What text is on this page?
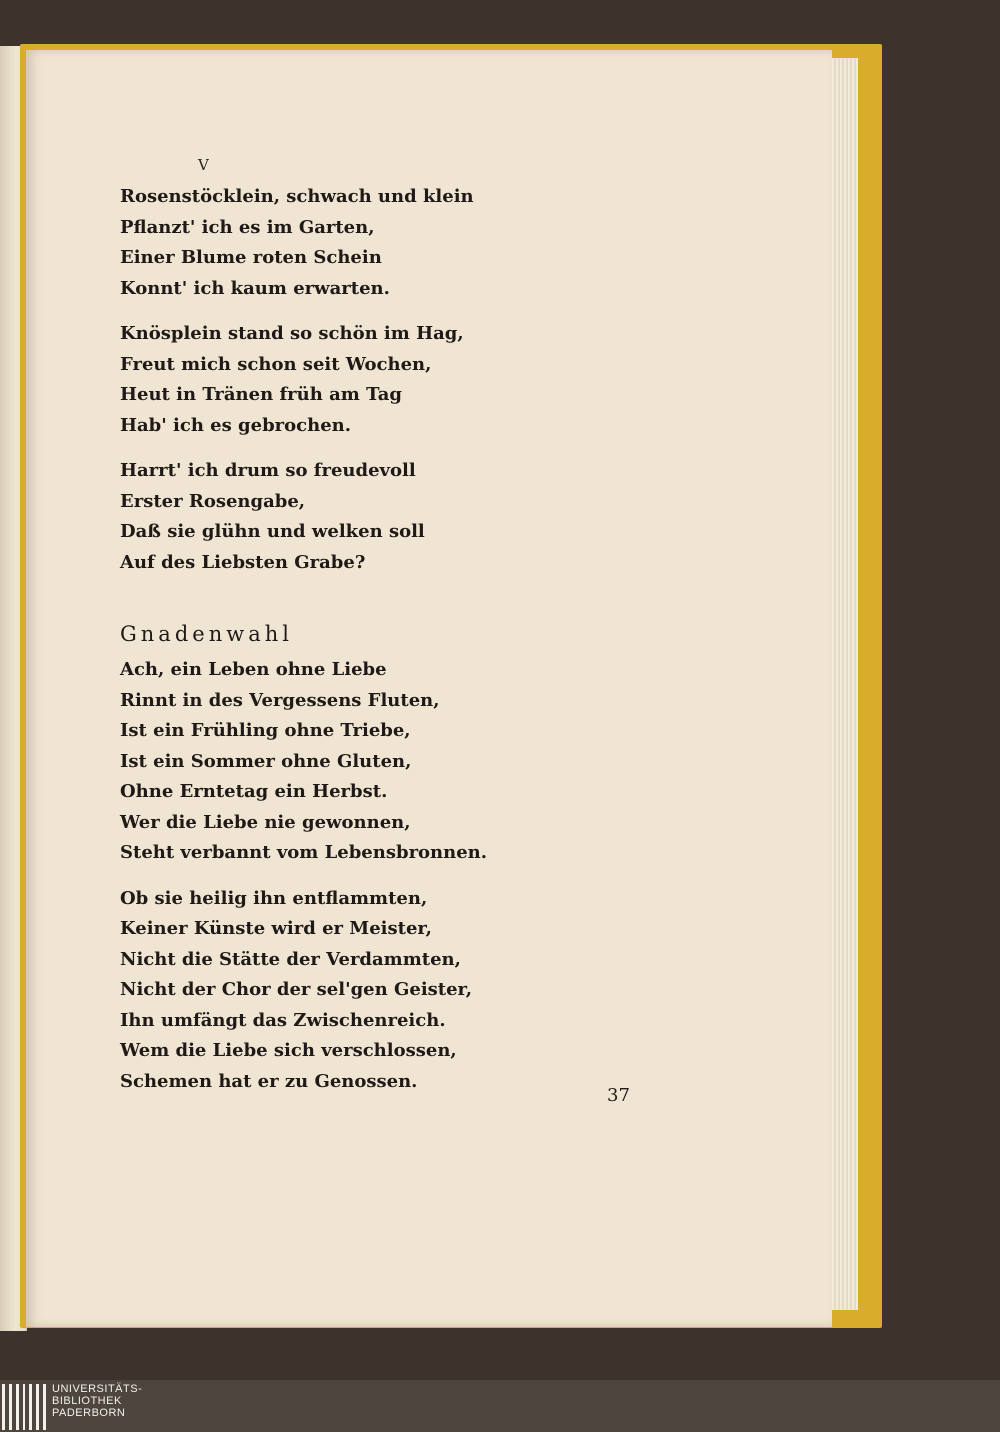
V
Rosenstöcklein, schwach und klein
Pflanzt' ich es im Garten,
Einer Blume roten Schein
Konnt' ich kaum erwarten.
Knösplein stand so schön im Hag,
Freut mich schon seit Wochen,
Heut in Tränen früh am Tag
Hab' ich es gebrochen.
Harrt' ich drum so freudevoll
Erster Rosengabe,
Daß sie glühn und welken soll
Auf des Liebsten Grabe?
Gnadenwahl
Ach, ein Leben ohne Liebe
Rinnt in des Vergessens Fluten,
Ist ein Frühling ohne Triebe,
Ist ein Sommer ohne Gluten,
Ohne Erntetag ein Herbst.
Wer die Liebe nie gewonnen,
Steht verbannt vom Lebensbronnen.
Ob sie heilig ihn entflammten,
Keiner Künste wird er Meister,
Nicht die Stätte der Verdammten,
Nicht der Chor der sel'gen Geister,
Ihn umfängt das Zwischenreich.
Wem die Liebe sich verschlossen,
Schemen hat er zu Genossen.
37
UNIVERSITÄTS-
BIBLIOTHEK
PADERBORN
